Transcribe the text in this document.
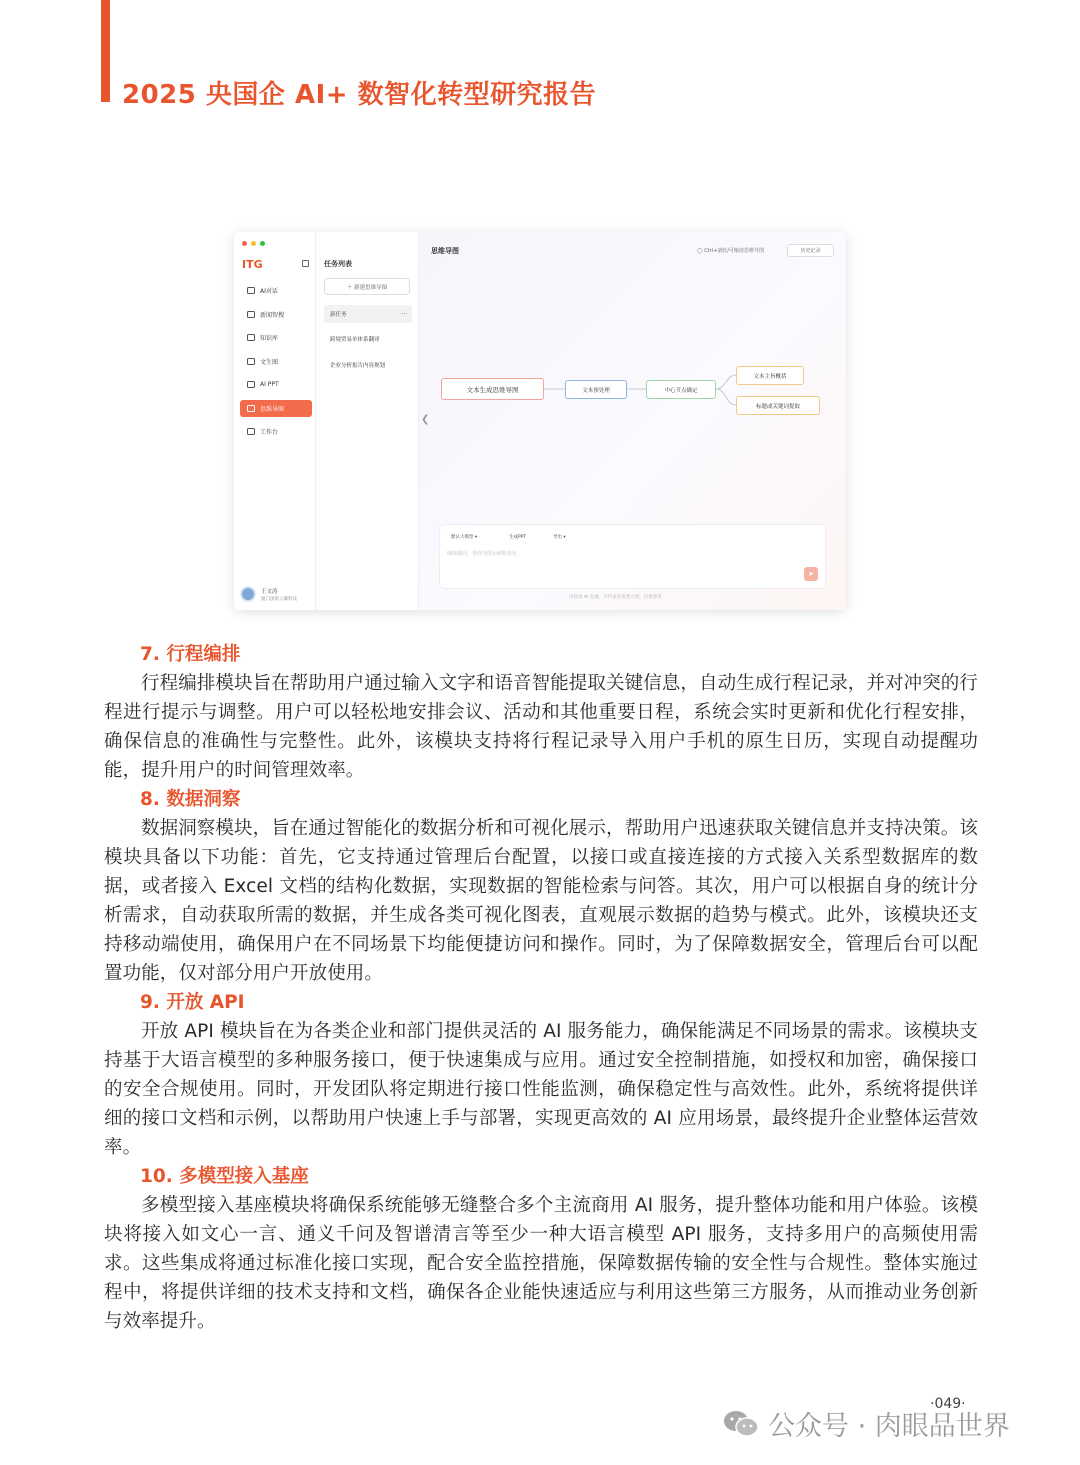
2025 央国企 AI+ 数智化转型研究报告
ITG
AI对话
新闻智搜
知识库
文生图
AI PPT
思维导图
工作台
王文涛
厦门国贸云翼科技
任务列表
＋ 新建思维导图
新任务	···
跨境贸易单体系翻译
企业分析报告内容规划
思维导图	◯ Ctrl+滚轮/可缩放思维导图	历史记录
❮
文本生成思维导图	文本预处理	中心节点确定
文本主旨概括
标题或关键词提取
默认大模型 ▾	生成PPT	导出 ▾
继续提问，帮你导图示例和优化
➤
内容由 AI 生成，不代表开发者立场，仅供参考
7. 行程编排
行程编排模块旨在帮助用户通过输入文字和语音智能提取关键信息，自动生成行程记录，并对冲突的行程进行提示与调整。用户可以轻松地安排会议、活动和其他重要日程，系统会实时更新和优化行程安排，确保信息的准确性与完整性。此外，该模块支持将行程记录导入用户手机的原生日历，实现自动提醒功能，提升用户的时间管理效率。
8. 数据洞察
数据洞察模块，旨在通过智能化的数据分析和可视化展示，帮助用户迅速获取关键信息并支持决策。该模块具备以下功能：首先，它支持通过管理后台配置，以接口或直接连接的方式接入关系型数据库的数据，或者接入 Excel 文档的结构化数据，实现数据的智能检索与问答。其次，用户可以根据自身的统计分析需求，自动获取所需的数据，并生成各类可视化图表，直观展示数据的趋势与模式。此外，该模块还支持移动端使用，确保用户在不同场景下均能便捷访问和操作。同时，为了保障数据安全，管理后台可以配置功能，仅对部分用户开放使用。
9. 开放 API
开放 API 模块旨在为各类企业和部门提供灵活的 AI 服务能力，确保能满足不同场景的需求。该模块支持基于大语言模型的多种服务接口，便于快速集成与应用。通过安全控制措施，如授权和加密，确保接口的安全合规使用。同时，开发团队将定期进行接口性能监测，确保稳定性与高效性。此外，系统将提供详细的接口文档和示例，以帮助用户快速上手与部署，实现更高效的 AI 应用场景，最终提升企业整体运营效率。
10. 多模型接入基座
多模型接入基座模块将确保系统能够无缝整合多个主流商用 AI 服务，提升整体功能和用户体验。该模块将接入如文心一言、通义千问及智谱清言等至少一种大语言模型 API 服务，支持多用户的高频使用需求。这些集成将通过标准化接口实现，配合安全监控措施，保障数据传输的安全性与合规性。整体实施过程中，将提供详细的技术支持和文档，确保各企业能快速适应与利用这些第三方服务，从而推动业务创新与效率提升。
·049·
公众号 · 肉眼品世界
